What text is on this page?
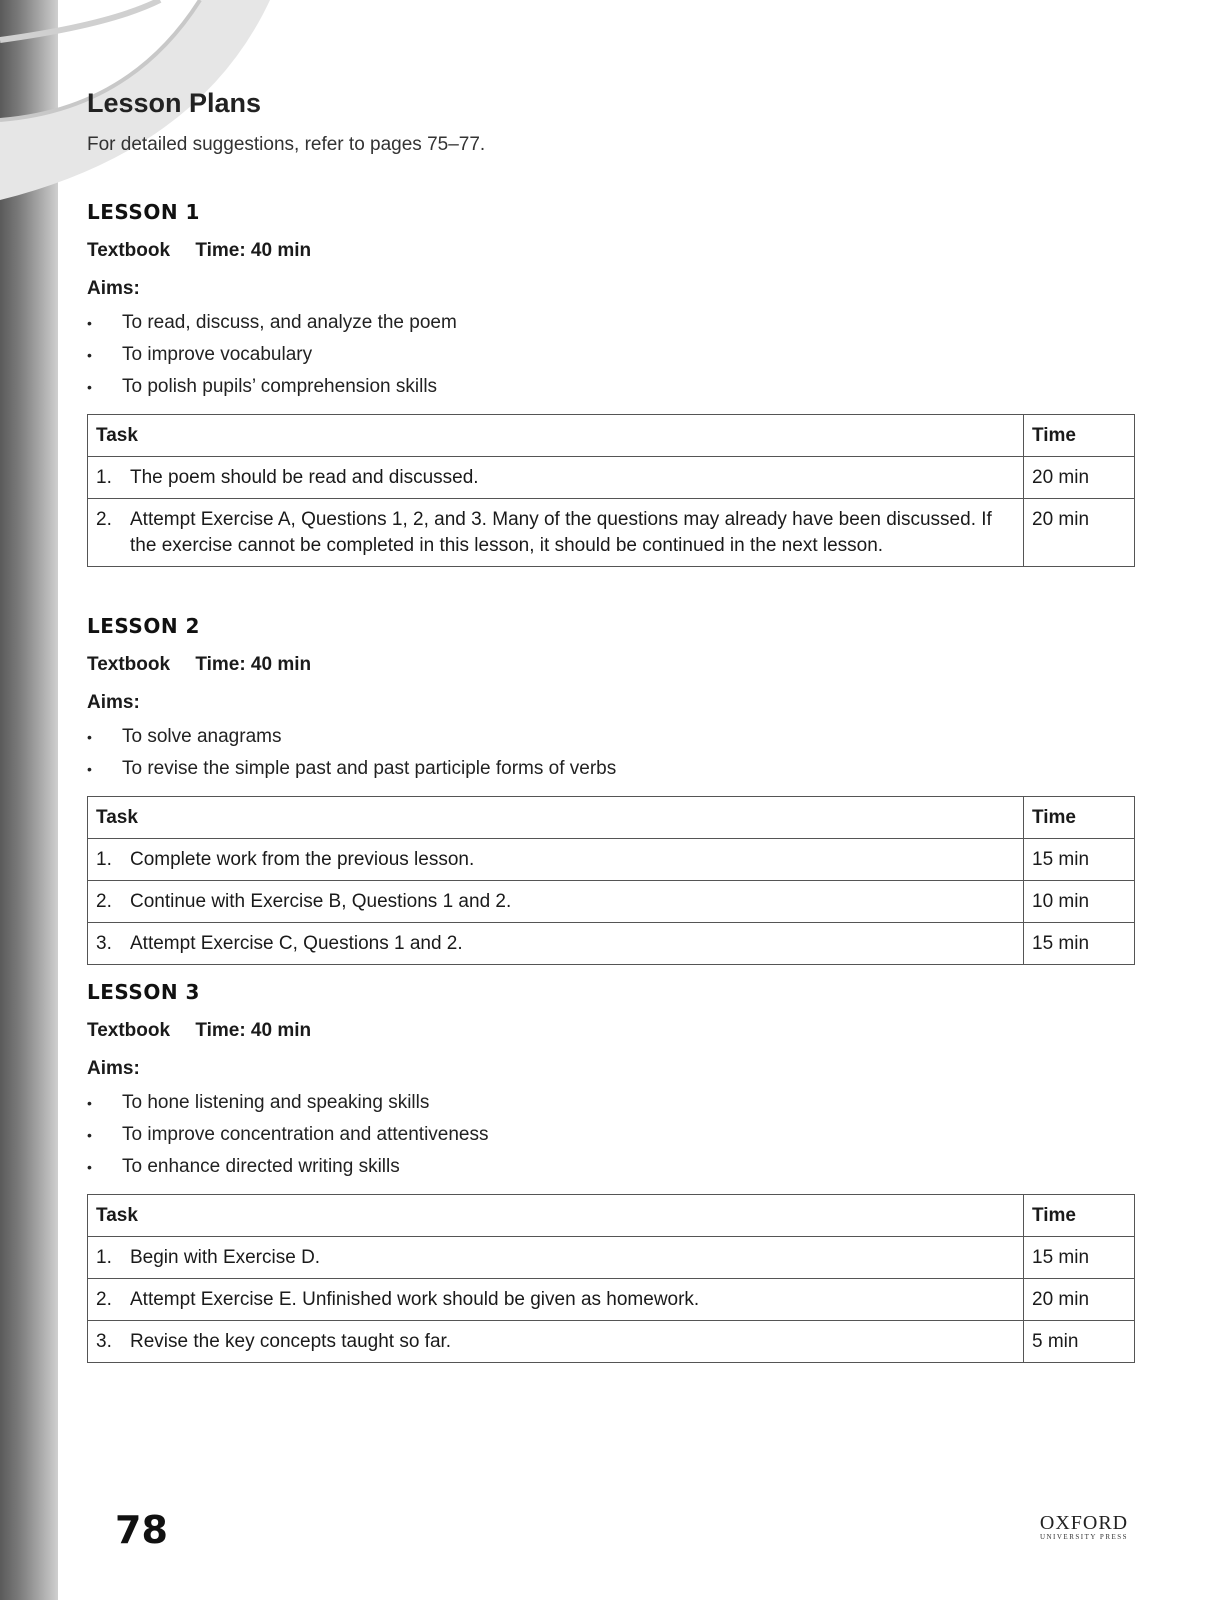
Lesson Plans
For detailed suggestions, refer to pages 75–77.
LESSON 1
Textbook Time: 40 min
Aims:
• To read, discuss, and analyze the poem
• To improve vocabulary
• To polish pupils’ comprehension skills
Task	Time
1. The poem should be read and discussed.	20 min
2. Attempt Exercise A, Questions 1, 2, and 3. Many of the questions may already have been discussed. If the exercise cannot be completed in this lesson, it should be continued in the next lesson.	20 min
LESSON 2
Textbook Time: 40 min
Aims:
• To solve anagrams
• To revise the simple past and past participle forms of verbs
Task	Time
1. Complete work from the previous lesson.	15 min
2. Continue with Exercise B, Questions 1 and 2.	10 min
3. Attempt Exercise C, Questions 1 and 2.	15 min
LESSON 3
Textbook Time: 40 min
Aims:
• To hone listening and speaking skills
• To improve concentration and attentiveness
• To enhance directed writing skills
Task	Time
1. Begin with Exercise D.	15 min
2. Attempt Exercise E. Unfinished work should be given as homework.	20 min
3. Revise the key concepts taught so far.	5 min
78	OXFORD
UNIVERSITY PRESS
